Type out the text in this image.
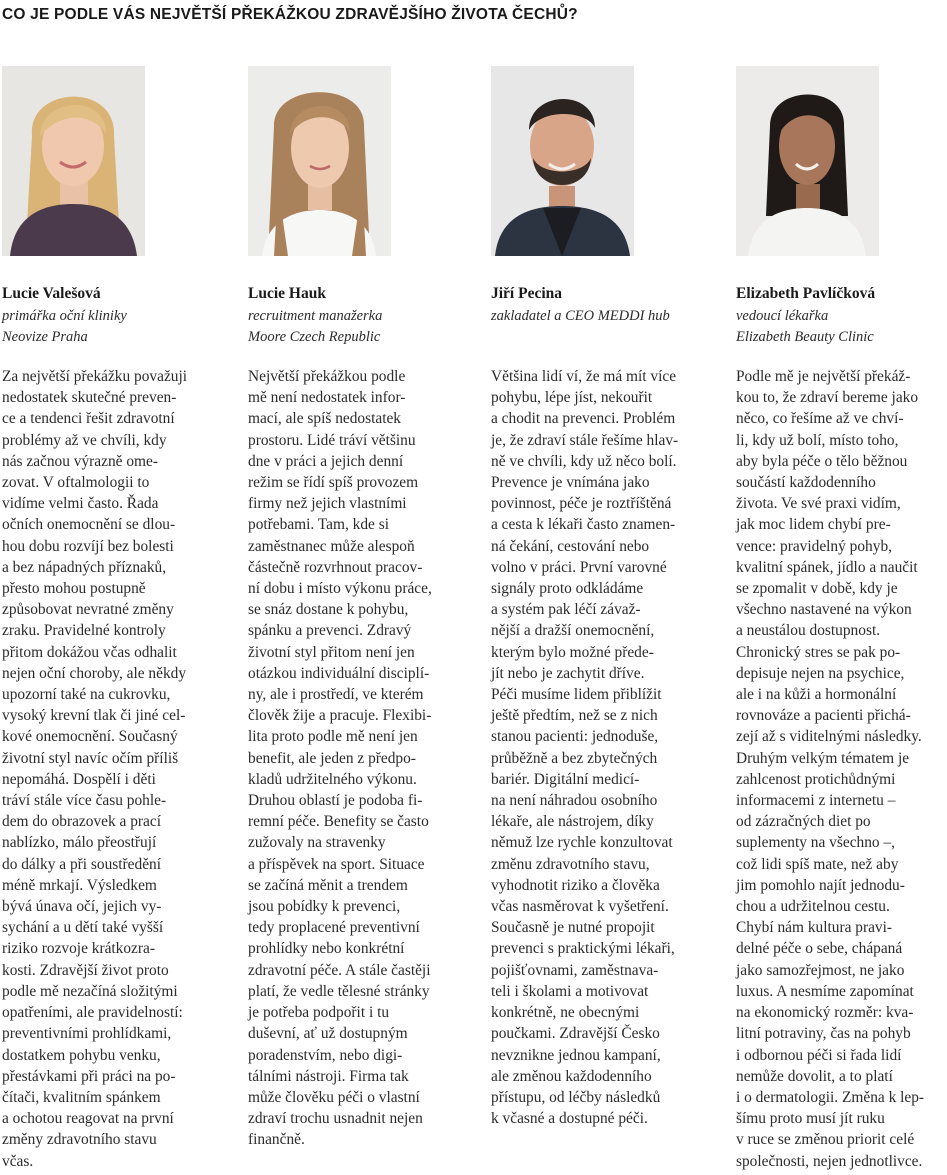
CO JE PODLE VÁS NEJVĚTŠÍ PŘEKÁŽKOU ZDRAVĚJŠÍHO ŽIVOTA ČECHŮ?
Lucie Valešová
primářka oční kliniky
Neovize Praha
Za největší překážku považuji
nedostatek skutečné preven-
ce a tendenci řešit zdravotní
problémy až ve chvíli, kdy
nás začnou výrazně ome-
zovat. V oftalmologii to
vidíme velmi často. Řada
očních onemocnění se dlou-
hou dobu rozvíjí bez bolesti
a bez nápadných příznaků,
přesto mohou postupně
způsobovat nevratné změny
zraku. Pravidelné kontroly
přitom dokážou včas odhalit
nejen oční choroby, ale někdy
upozorní také na cukrovku,
vysoký krevní tlak či jiné cel-
kové onemocnění. Současný
životní styl navíc očím příliš
nepomáhá. Dospělí i děti
tráví stále více času pohle-
dem do obrazovek a prací
nablízko, málo přeostřují
do dálky a při soustředění
méně mrkají. Výsledkem
bývá únava očí, jejich vy-
sychání a u dětí také vyšší
riziko rozvoje krátkozra-
kosti. Zdravější život proto
podle mě nezačíná složitými
opatřeními, ale pravidelností:
preventivními prohlídkami,
dostatkem pohybu venku,
přestávkami při práci na po-
čítači, kvalitním spánkem
a ochotou reagovat na první
změny zdravotního stavu
včas.
Lucie Hauk
recruitment manažerka
Moore Czech Republic
Největší překážkou podle
mě není nedostatek infor-
mací, ale spíš nedostatek
prostoru. Lidé tráví většinu
dne v práci a jejich denní
režim se řídí spíš provozem
firmy než jejich vlastními
potřebami. Tam, kde si
zaměstnanec může alespoň
částečně rozvrhnout pracov-
ní dobu i místo výkonu práce,
se snáz dostane k pohybu,
spánku a prevenci. Zdravý
životní styl přitom není jen
otázkou individuální disciplí-
ny, ale i prostředí, ve kterém
člověk žije a pracuje. Flexibi-
lita proto podle mě není jen
benefit, ale jeden z předpo-
kladů udržitelného výkonu.
Druhou oblastí je podoba fi-
remní péče. Benefity se často
zužovaly na stravenky
a příspěvek na sport. Situace
se začíná měnit a trendem
jsou pobídky k prevenci,
tedy proplacené preventivní
prohlídky nebo konkrétní
zdravotní péče. A stále častěji
platí, že vedle tělesné stránky
je potřeba podpořit i tu
duševní, ať už dostupným
poradenstvím, nebo digi-
tálními nástroji. Firma tak
může člověku péči o vlastní
zdraví trochu usnadnit nejen
finančně.
Jiří Pecina
zakladatel a CEO MEDDI hub
Většina lidí ví, že má mít více
pohybu, lépe jíst, nekouřit
a chodit na prevenci. Problém
je, že zdraví stále řešíme hlav-
ně ve chvíli, kdy už něco bolí.
Prevence je vnímána jako
povinnost, péče je roztříštěná
a cesta k lékaři často znamen-
ná čekání, cestování nebo
volno v práci. První varovné
signály proto odkládáme
a systém pak léčí závaž-
nější a dražší onemocnění,
kterým bylo možné přede-
jít nebo je zachytit dříve.
Péči musíme lidem přiblížit
ještě předtím, než se z nich
stanou pacienti: jednoduše,
průběžně a bez zbytečných
bariér. Digitální medicí-
na není náhradou osobního
lékaře, ale nástrojem, díky
němuž lze rychle konzultovat
změnu zdravotního stavu,
vyhodnotit riziko a člověka
včas nasměrovat k vyšetření.
Současně je nutné propojit
prevenci s praktickými lékaři,
pojišťovnami, zaměstnava-
teli i školami a motivovat
konkrétně, ne obecnými
poučkami. Zdravější Česko
nevznikne jednou kampaní,
ale změnou každodenního
přístupu, od léčby následků
k včasné a dostupné péči.
Elizabeth Pavlíčková
vedoucí lékařka
Elizabeth Beauty Clinic
Podle mě je největší překáž-
kou to, že zdraví bereme jako
něco, co řešíme až ve chví-
li, kdy už bolí, místo toho,
aby byla péče o tělo běžnou
součástí každodenního
života. Ve své praxi vidím,
jak moc lidem chybí pre-
vence: pravidelný pohyb,
kvalitní spánek, jídlo a naučit
se zpomalit v době, kdy je
všechno nastavené na výkon
a neustálou dostupnost.
Chronický stres se pak po-
depisuje nejen na psychice,
ale i na kůži a hormonální
rovnováze a pacienti přichá-
zejí až s viditelnými následky.
Druhým velkým tématem je
zahlcenost protichůdnými
informacemi z internetu –
od zázračných diet po
suplementy na všechno –,
což lidi spíš mate, než aby
jim pomohlo najít jednodu-
chou a udržitelnou cestu.
Chybí nám kultura pravi-
delné péče o sebe, chápaná
jako samozřejmost, ne jako
luxus. A nesmíme zapomínat
na ekonomický rozměr: kva-
litní potraviny, čas na pohyb
i odbornou péči si řada lidí
nemůže dovolit, a to platí
i o dermatologii. Změna k lep-
šímu proto musí jít ruku
v ruce se změnou priorit celé
společnosti, nejen jednotlivce.
